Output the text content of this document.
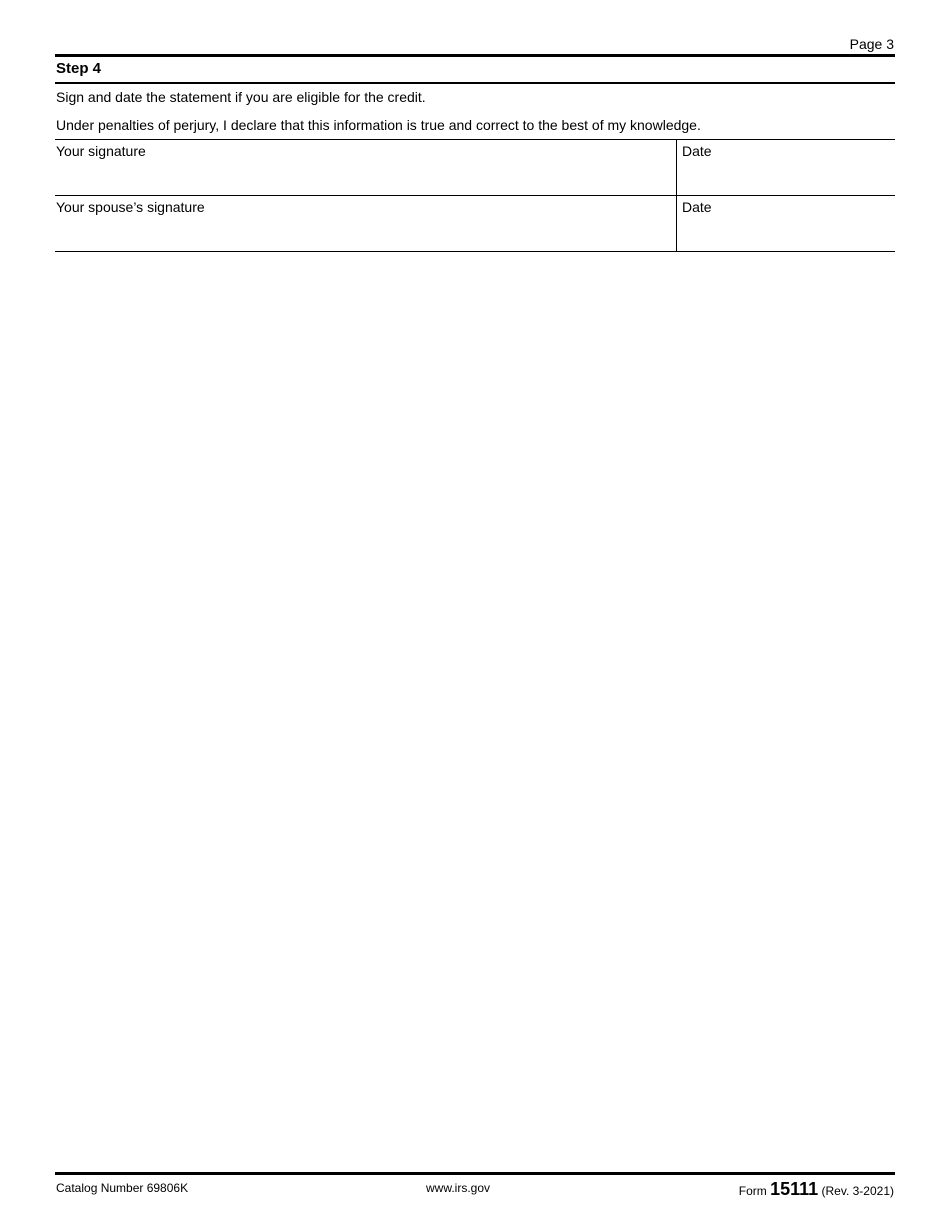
Page 3
Step 4
Sign and date the statement if you are eligible for the credit.
Under penalties of perjury, I declare that this information is true and correct to the best of my knowledge.
Your signature	Date
Your spouse’s signature	Date
Catalog Number 69806K	www.irs.gov	Form 15111 (Rev. 3-2021)
